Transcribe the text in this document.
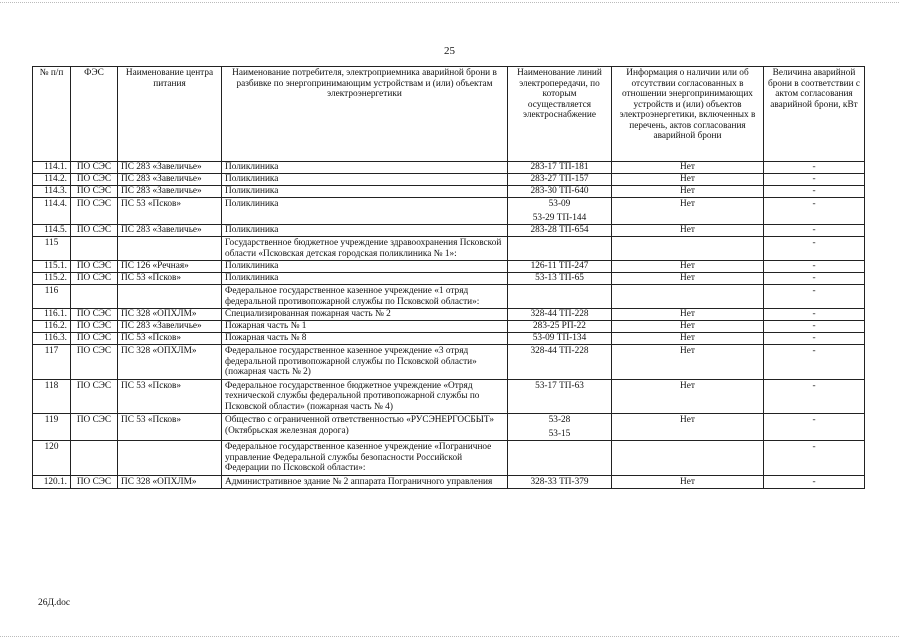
25
№ п/п	ФЭС	Наименование центра питания	Наименование потребителя, электроприемника аварийной брони в разбивке по энергопринимающим устройствам и (или) объектам электроэнергетики	Наименование линий электропередачи, по которым осуществляется электроснабжение	Информация о наличии или об отсутствии согласованных в отношении энергопринимающих устройств и (или) объектов электроэнергетики, включенных в перечень, актов согласования аварийной брони	Величина аварийной брони в соответствии с актом согласования аварийной брони, кВт
114.1.	ПО СЭС	ПС 283 «Завеличье»	Поликлиника	283-17 ТП-181	Нет	-
114.2.	ПО СЭС	ПС 283 «Завеличье»	Поликлиника	283-27 ТП-157	Нет	-
114.3.	ПО СЭС	ПС 283 «Завеличье»	Поликлиника	283-30 ТП-640	Нет	-
114.4.	ПО СЭС	ПС 53 «Псков»	Поликлиника	53-09
53-29 ТП-144	Нет	-
114.5.	ПО СЭС	ПС 283 «Завеличье»	Поликлиника	283-28 ТП-654	Нет	-
115			Государственное бюджетное учреждение здравоохранения Псковской области «Псковская детская городская поликлиника № 1»:			-
115.1.	ПО СЭС	ПС 126 «Речная»	Поликлиника	126-11 ТП-247	Нет	-
115.2.	ПО СЭС	ПС 53 «Псков»	Поликлиника	53-13 ТП-65	Нет	-
116			Федеральное государственное казенное учреждение «1 отряд федеральной противопожарной службы по Псковской области»:			-
116.1.	ПО СЭС	ПС 328 «ОПХЛМ»	Специализированная пожарная часть № 2	328-44 ТП-228	Нет	-
116.2.	ПО СЭС	ПС 283 «Завеличье»	Пожарная часть № 1	283-25 РП-22	Нет	-
116.3.	ПО СЭС	ПС 53 «Псков»	Пожарная часть № 8	53-09 ТП-134	Нет	-
117	ПО СЭС	ПС 328 «ОПХЛМ»	Федеральное государственное казенное учреждение «3 отряд федеральной противопожарной службы по Псковской области» (пожарная часть № 2)	328-44 ТП-228	Нет	-
118	ПО СЭС	ПС 53 «Псков»	Федеральное государственное бюджетное учреждение «Отряд технической службы федеральной противопожарной службы по Псковской области» (пожарная часть № 4)	53-17 ТП-63	Нет	-
119	ПО СЭС	ПС 53 «Псков»	Общество с ограниченной ответственностью «РУСЭНЕРГОСБЫТ» (Октябрьская железная дорога)	53-28
53-15	Нет	-
120			Федеральное государственное казенное учреждение «Пограничное управление Федеральной службы безопасности Российской Федерации по Псковской области»:			-
120.1.	ПО СЭС	ПС 328 «ОПХЛМ»	Административное здание № 2 аппарата Пограничного управления	328-33 ТП-379	Нет	-
26Д.doc
